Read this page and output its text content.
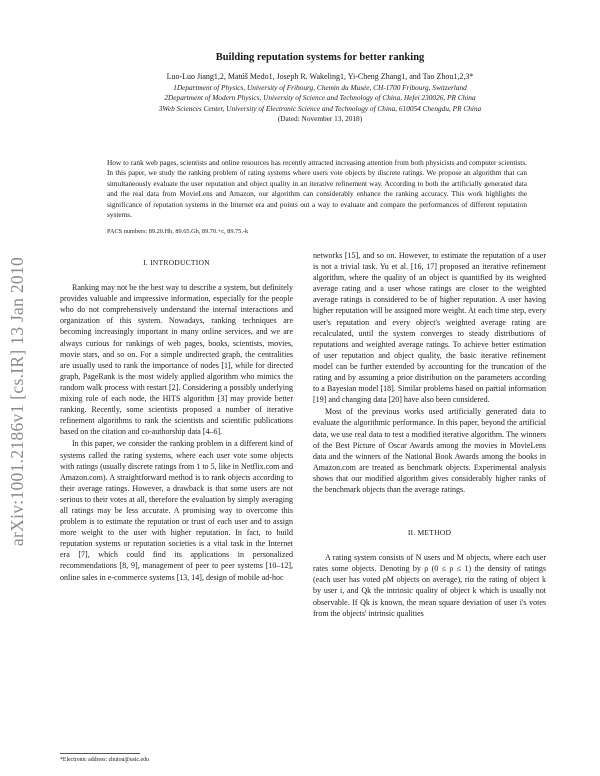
arXiv:1001.2186v1 [cs.IR] 13 Jan 2010
Building reputation systems for better ranking
Luo-Luo Jiang1,2, Matúš Medo1, Joseph R. Wakeling1, Yi-Cheng Zhang1, and Tao Zhou1,2,3*
1Department of Physics, University of Fribourg, Chemin du Musée, CH-1700 Fribourg, Switzerland
2Department of Modern Physics, University of Science and Technology of China, Hefei 230026, PR China
3Web Sciences Center, University of Electronic Science and Technology of China, 610054 Chengdu, PR China
(Dated: November 13, 2018)
How to rank web pages, scientists and online resources has recently attracted increasing attention from both physicists and computer scientists. In this paper, we study the ranking problem of rating systems where users vote objects by discrete ratings. We propose an algorithm that can simultaneously evaluate the user reputation and object quality in an iterative refinement way. According to both the artificially generated data and the real data from MovieLens and Amazon, our algorithm can considerably enhance the ranking accuracy. This work highlights the significance of reputation systems in the Internet era and points out a way to evaluate and compare the performances of different reputation systems.
PACS numbers: 89.20.Hh, 89.65.Gh, 89.70.+c, 89.75.-k
I. INTRODUCTION

Ranking may not be the best way to describe a system, but definitely provides valuable and impressive information, especially for the people who do not comprehensively understand the internal interactions and organization of this system. Nowadays, ranking techniques are becoming increasingly important in many online services, and we are always curious for rankings of web pages, books, scientists, movies, movie stars, and so on. For a simple undirected graph, the centralities are usually used to rank the importance of nodes [1], while for directed graph, PageRank is the most widely applied algorithm who mimics the random walk process with restart [2]. Considering a possibly underlying mixing role of each node, the HITS algorithm [3] may provide better ranking. Recently, some scientists proposed a number of iterative refinement algorithms to rank the scientists and scientific publications based on the citation and co-authorship data [4–6].

In this paper, we consider the ranking problem in a different kind of systems called the rating systems, where each user vote some objects with ratings (usually discrete ratings from 1 to 5, like in Netflix.com and Amazon.com). A straightforward method is to rank objects according to their average ratings. However, a drawback is that some users are not serious to their votes at all, therefore the evaluation by simply averaging all ratings may be less accurate. A promising way to overcome this problem is to estimate the reputation or trust of each user and to assign more weight to the user with higher reputation. In fact, to build reputation systems or reputation societies is a vital task in the Internet era [7], which could find its applications in personalized recommendations [8, 9], management of peer to peer systems [10–12], online sales in e-commerce systems [13, 14], design of mobile ad-hoc

networks [15], and so on. However, to estimate the reputation of a user is not a trivial task. Yu et al. [16, 17] proposed an iterative refinement algorithm, where the quality of an object is quantified by its weighted average rating and a user whose ratings are closer to the weighted average ratings is considered to be of higher reputation. A user having higher reputation will be assigned more weight. At each time step, every user's reputation and every object's weighted average rating are recalculated, until the system converges to steady distributions of reputations and weighted average ratings. To achieve better estimation of user reputation and object quality, the basic iterative refinement model can be further extended by accounting for the truncation of the rating and by assuming a prior distribution on the parameters according to a Bayesian model [18]. Similar problems based on partial information [19] and changing data [20] have also been considered.

Most of the previous works used artificially generated data to evaluate the algorithmic performance. In this paper, beyond the artificial data, we use real data to test a modified iterative algorithm. The winners of the Best Picture of Oscar Awards among the movies in MovieLens data and the winners of the National Book Awards among the books in Amazon.com are treated as benchmark objects. Experimental analysis shows that our modified algorithm gives considerably higher ranks of the benchmark objects than the average ratings.

II. METHOD

A rating system consists of N users and M objects, where each user rates some objects. Denoting by ρ (0 ≤ ρ ≤ 1) the density of ratings (each user has voted ρM objects on average), riα the rating of object k by user i, and Qk the intrinsic quality of object k which is usually not observable. If Qk is known, the mean square deviation of user i's votes from the objects' intrinsic qualities

*Electronic address: zhutou@ustc.edu
